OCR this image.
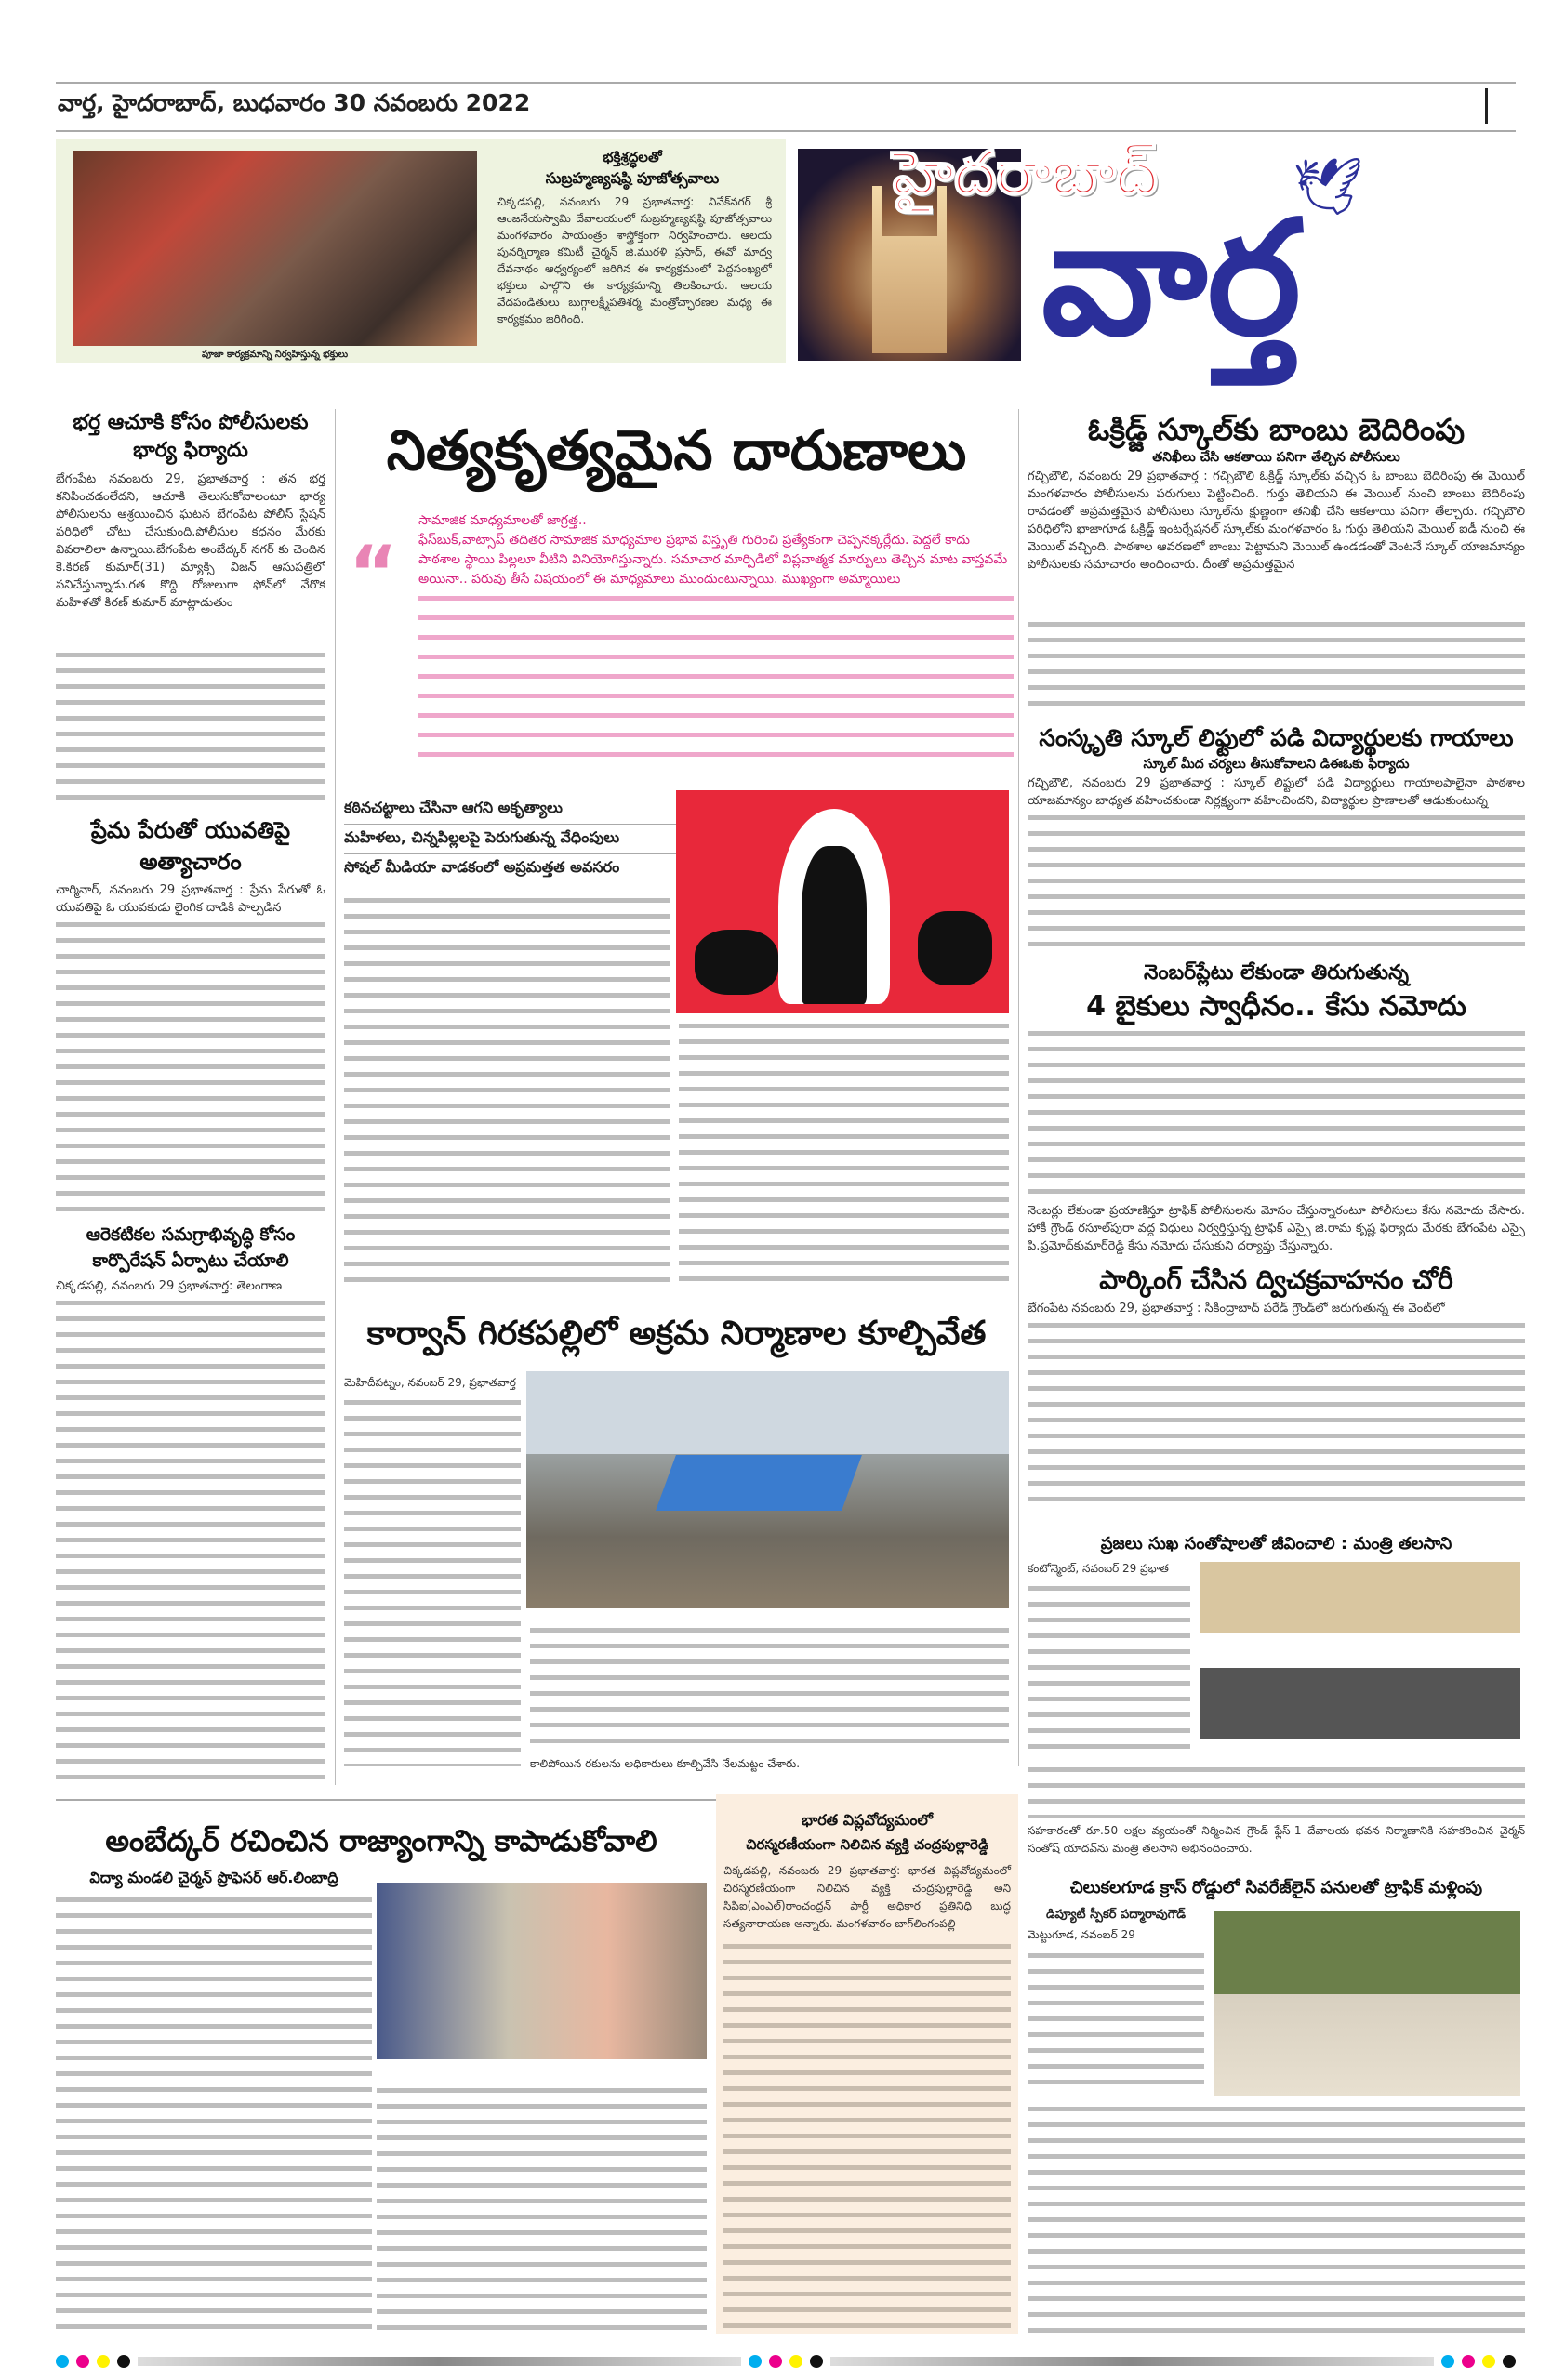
వార్త, హైదరాబాద్, బుధవారం 30 నవంబరు 2022
పూజా కార్యక్రమాన్ని నిర్వహిస్తున్న భక్తులు
భక్తిశ్రద్ధలతో
సుబ్రహ్మణ్యషష్ఠి పూజోత్సవాలు
చిక్కడపల్లి, నవంబరు 29 ప్రభాతవార్త: వివేక్‌నగర్ శ్రీ ఆంజనేయస్వామి దేవాలయంలో సుబ్రహ్మణ్యషష్ఠి పూజోత్సవాలు మంగళవారం సాయంత్రం శాస్త్రోక్తంగా నిర్వహించారు. ఆలయ పునర్నిర్మాణ కమిటీ చైర్మన్ జి.మురళి ప్రసాద్, ఈవో మాధ్వ దేవనాథం ఆధ్వర్యంలో జరిగిన ఈ కార్యక్రమంలో పెద్దసంఖ్యలో భక్తులు పాల్గొని ఈ కార్యక్రమాన్ని తిలకించారు. ఆలయ వేదపండితులు బుగ్గాలక్ష్మీపతిశర్మ మంత్రోచ్ఛారణల మధ్య ఈ కార్యక్రమం జరిగింది.
హైదరాబాద్ 🕊
వార్త
భర్త ఆచూకి కోసం పోలీసులకు భార్య ఫిర్యాదు
బేగంపేట నవంబరు 29, ప్రభాతవార్త : తన భర్త కనిపించడంలేదని, ఆచూకి తెలుసుకోవాలంటూ భార్య పోలీసులను ఆశ్రయించిన ఘటన బేగంపేట పోలీస్ స్టేషన్ పరిధిలో చోటు చేసుకుంది.పోలీసుల కధనం మేరకు వివరాలిలా ఉన్నాయి.బేగంపేట అంబేద్కర్ నగర్ కు చెందిన కె.కిరణ్ కుమార్(31) మ్యాక్సి విజన్ ఆసుపత్రిలో పనిచేస్తున్నాడు.గత కొద్ది రోజులుగా ఫోన్‌లో వేరొక మహిళతో కిరణ్ కుమార్ మాట్లాడుతుం
ప్రేమ పేరుతో యువతిపై అత్యాచారం
చార్మినార్, నవంబరు 29 ప్రభాతవార్త : ప్రేమ పేరుతో ఓ యువతిపై ఓ యువకుడు లైంగిక దాడికి పాల్పడిన
ఆరెకటికల సమగ్రాభివృద్ధి కోసం కార్పొరేషన్ ఏర్పాటు చేయాలి
చిక్కడపల్లి, నవంబరు 29 ప్రభాతవార్త: తెలంగాణ
నిత్యకృత్యమైన దారుణాలు
“
సామాజిక మాధ్యమాలతో జాగ్రత్త..
ఫేస్‌బుక్,వాట్సాప్ తదితర సామాజిక మాధ్యమాల ప్రభావ విస్తృతి గురించి ప్రత్యేకంగా చెప్పనక్కర్లేదు. పెద్దలే కాదు పాఠశాల స్థాయి పిల్లలూ వీటిని వినియోగిస్తున్నారు. సమాచార మార్పిడిలో విప్లవాత్మక మార్పులు తెచ్చిన మాట వాస్తవమే అయినా.. పరువు తీసే విషయంలో ఈ మాధ్యమాలు ముందుంటున్నాయి. ముఖ్యంగా అమ్మాయిలు
కఠినచట్టాలు చేసినా ఆగని అకృత్యాలు
మహిళలు, చిన్నపిల్లలపై పెరుగుతున్న వేధింపులు
సోషల్ మీడియా వాడకంలో అప్రమత్తత అవసరం
కార్వాన్ గిరకపల్లిలో అక్రమ నిర్మాణాల కూల్చివేత
మెహిదీపట్నం, నవంబర్ 29, ప్రభాతవార్త
కాలిపోయిన రకులను అధికారులు కూల్చివేసి నేలమట్టం చేశారు.
ఓక్రిడ్జ్ స్కూల్‌కు బాంబు బెదిరింపు
తనిఖీలు చేసి ఆకతాయి పనిగా తేల్చిన పోలీసులు
గచ్చిబౌలి, నవంబరు 29 ప్రభాతవార్త : గచ్చిబౌలి ఓక్రిడ్జ్ స్కూల్‌కు వచ్చిన ఓ బాంబు బెదిరింపు ఈ మెయిల్ మంగళవారం పోలీసులను పరుగులు పెట్టించింది. గుర్తు తెలియని ఈ మెయిల్ నుంచి బాంబు బెదిరింపు రావడంతో అప్రమత్తమైన పోలీసులు స్కూల్‌ను క్షుణ్ణంగా తనిఖీ చేసి ఆకతాయి పనిగా తేల్చారు. గచ్చిబౌలి పరిధిలోని ఖాజాగూడ ఓక్రిడ్జ్ ఇంటర్నేషనల్ స్కూల్‌కు మంగళవారం ఓ గుర్తు తెలియని మెయిల్ ఐడీ నుంచి ఈ మెయిల్ వచ్చింది. పాఠశాల ఆవరణలో బాంబు పెట్టామని మెయిల్ ఉండడంతో వెంటనే స్కూల్ యాజమాన్యం పోలీసులకు సమాచారం అందించారు. దీంతో అప్రమత్తమైన
సంస్కృతి స్కూల్ లిఫ్టులో పడి విద్యార్థులకు గాయాలు
స్కూల్ మీద చర్యలు తీసుకోవాలని డిఈఓకు ఫిర్యాదు
గచ్చిబౌలి, నవంబరు 29 ప్రభాతవార్త : స్కూల్ లిఫ్టులో పడి విద్యార్థులు గాయాలపాలైనా పాఠశాల యాజమాన్యం బాధ్యత వహించకుండా నిర్లక్ష్యంగా వహించిందని, విద్యార్థుల ప్రాణాలతో ఆడుకుంటున్న
నెంబర్‌ప్లేటు లేకుండా తిరుగుతున్న
4 బైకులు స్వాధీనం.. కేసు నమోదు
నెంబర్లు లేకుండా ప్రయాణిస్తూ ట్రాఫిక్ పోలీసులను మోసం చేస్తున్నారంటూ పోలీసులు కేసు నమోదు చేసారు. హాకీ గ్రౌండ్ రసూల్‌పురా వద్ద విధులు నిర్వర్తిస్తున్న ట్రాఫిక్ ఎస్సై జి.రామ కృష్ణ ఫిర్యాదు మేరకు బేగంపేట ఎస్సై పి.ప్రమోద్‌కుమార్‌రెడ్డి కేసు నమోదు చేసుకుని దర్యాప్తు చేస్తున్నారు.
పార్కింగ్ చేసిన ద్విచక్రవాహనం చోరీ
బేగంపేట నవంబరు 29, ప్రభాతవార్త : సికింద్రాబాద్ పరేడ్ గ్రౌండ్‌లో జరుగుతున్న ఈ వెంట్‌లో
ప్రజలు సుఖ సంతోషాలతో జీవించాలి : మంత్రి తలసాని
కంటోన్మెంట్, నవంబర్ 29 ప్రభాత
సహకారంతో రూ.50 లక్షల వ్యయంతో నిర్మించిన గ్రౌండ్ ఫ్లేస్-1 దేవాలయ భవన నిర్మాణానికి సహకరించిన చైర్మన్ సంతోష్ యాదవ్‌ను మంత్రి తలసాని అభినందించారు.
చిలుకలగూడ క్రాస్ రోడ్డులో సివరేజ్‌లైన్ పనులతో ట్రాఫిక్ మళ్లింపు
డిప్యూటీ స్పీకర్ పద్మారావుగౌడ్
మెట్టుగూడ, నవంబర్ 29
అంబేద్కర్ రచించిన రాజ్యాంగాన్ని కాపాడుకోవాలి
విద్యా మండలి చైర్మన్ ప్రొఫెసర్ ఆర్.లింబాద్రి
భారత విప్లవోద్యమంలో
చిరస్మరణీయంగా నిలిచిన వ్యక్తి చంద్రపుల్లారెడ్డి
చిక్కడపల్లి, నవంబరు 29 ప్రభాతవార్త: భారత విప్లవోద్యమంలో చిరస్మరణీయంగా నిలిచిన వ్యక్తి చంద్రపుల్లారెడ్డి అని సిపిఐ(ఎంఎల్)రాంచంద్రన్ పార్టీ అధికార ప్రతినిధి బుద్ధ సత్యనారాయణ అన్నారు. మంగళవారం బాగ్‌లింగంపల్లి
